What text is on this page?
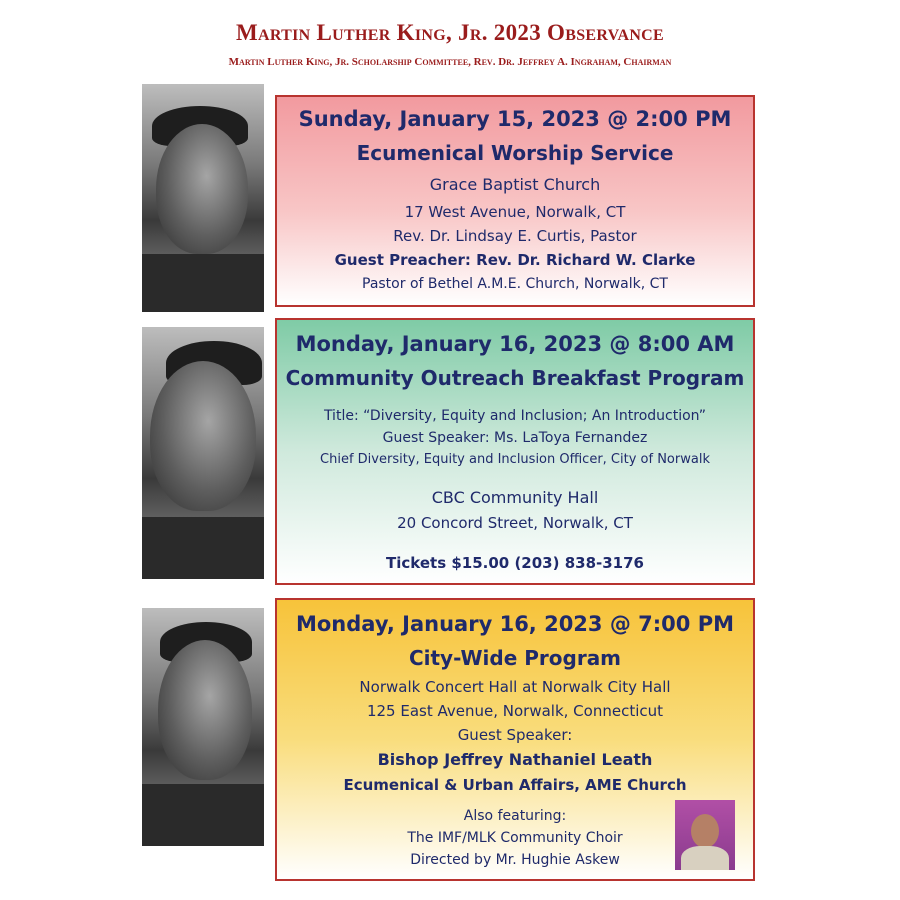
Martin Luther King, Jr. 2023 Observance
Martin Luther King, Jr. Scholarship Committee, Rev. Dr. Jeffrey A. Ingraham, Chairman
Sunday, January 15, 2023 @ 2:00 PM
Ecumenical Worship Service
Grace Baptist Church
17 West Avenue, Norwalk, CT
Rev. Dr. Lindsay E. Curtis, Pastor
Guest Preacher: Rev. Dr. Richard W. Clarke
Pastor of Bethel A.M.E. Church, Norwalk, CT
Monday, January 16, 2023 @ 8:00 AM
Community Outreach Breakfast Program
Title: “Diversity, Equity and Inclusion; An Introduction”
Guest Speaker: Ms. LaToya Fernandez
Chief Diversity, Equity and Inclusion Officer, City of Norwalk
CBC Community Hall
20 Concord Street, Norwalk, CT
Tickets $15.00 (203) 838-3176
Monday, January 16, 2023 @ 7:00 PM
City-Wide Program
Norwalk Concert Hall at Norwalk City Hall
125 East Avenue, Norwalk, Connecticut
Guest Speaker:
Bishop Jeffrey Nathaniel Leath
Ecumenical & Urban Affairs, AME Church
Also featuring:
The IMF/MLK Community Choir
Directed by Mr. Hughie Askew
